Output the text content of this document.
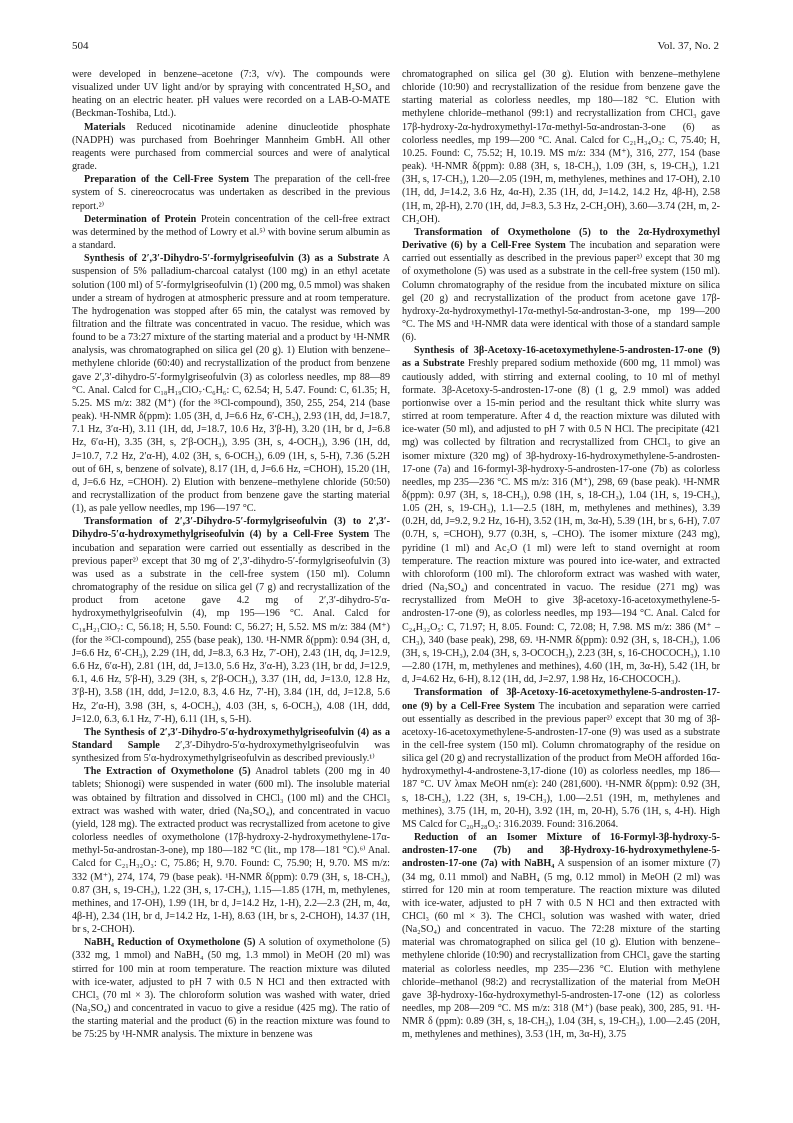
504	Vol. 37, No. 2

were developed in benzene–acetone (7:3, v/v). The compounds were visualized under UV light and/or by spraying with concentrated H₂SO₄ and heating on an electric heater. pH values were recorded on a LAB-O-MATE (Beckman-Toshiba, Ltd.).

Materials Reduced nicotinamide adenine dinucleotide phosphate (NADPH) was purchased from Boehringer Mannheim GmbH. All other reagents were purchased from commercial sources and were of analytical grade.

Preparation of the Cell-Free System The preparation of the cell-free system of S. cinereocrocatus was undertaken as described in the previous report.²⁾

Determination of Protein Protein concentration of the cell-free extract was determined by the method of Lowry et al.⁵⁾ with bovine serum albumin as a standard.

Synthesis of 2′,3′-Dihydro-5′-formylgriseofulvin (3) as a Substrate A suspension of 5% palladium-charcoal catalyst (100 mg) in an ethyl acetate solution (100 ml) of 5′-formylgriseofulvin (1) (200 mg, 0.5 mmol) was shaken under a stream of hydrogen at atmospheric pressure and at room temperature. The hydrogenation was stopped after 65 min, the catalyst was removed by filtration and the filtrate was concentrated in vacuo. The residue, which was found to be a 73:27 mixture of the starting material and a product by ¹H-NMR analysis, was chromatographed on silica gel (20 g). 1) Elution with benzene–methylene chloride (60:40) and recrystallization of the product from benzene gave 2′,3′-dihydro-5′-formylgriseofulvin (3) as colorless needles, mp 88—89 °C. Anal. Calcd for C₁₈H₁₉ClO₇·C₆H₆: C, 62.54; H, 5.47. Found: C, 61.35; H, 5.25. MS m/z: 382 (M⁺) (for the ³⁵Cl-compound), 350, 255, 254, 214 (base peak). ¹H-NMR δ(ppm): 1.05 (3H, d, J=6.6 Hz, 6′-CH₃), 2.93 (1H, dd, J=18.7, 7.1 Hz, 3′α-H), 3.11 (1H, dd, J=18.7, 10.6 Hz, 3′β-H), 3.20 (1H, br d, J=6.8 Hz, 6′α-H), 3.35 (3H, s, 2′β-OCH₃), 3.95 (3H, s, 4-OCH₃), 3.96 (1H, dd, J=10.7, 7.2 Hz, 2′α-H), 4.02 (3H, s, 6-OCH₃), 6.09 (1H, s, 5-H), 7.36 (5.2H out of 6H, s, benzene of solvate), 8.17 (1H, d, J=6.6 Hz, =CHOH), 15.20 (1H, d, J=6.6 Hz, =CHOH). 2) Elution with benzene–methylene chloride (50:50) and recrystallization of the product from benzene gave the starting material (1), as pale yellow needles, mp 196—197 °C.

Transformation of 2′,3′-Dihydro-5′-formylgriseofulvin (3) to 2′,3′-Dihydro-5′α-hydroxymethylgriseofulvin (4) by a Cell-Free System The incubation and separation were carried out essentially as described in the previous paper²⁾ except that 30 mg of 2′,3′-dihydro-5′-formylgriseofulvin (3) was used as a substrate in the cell-free system (150 ml). Column chromatography of the residue on silica gel (7 g) and recrystallization of the product from acetone gave 4.2 mg of 2′,3′-dihydro-5′α-hydroxymethylgriseofulvin (4), mp 195—196 °C. Anal. Calcd for C₁₈H₂₁ClO₇: C, 56.18; H, 5.50. Found: C, 56.27; H, 5.52. MS m/z: 384 (M⁺) (for the ³⁵Cl-compound), 255 (base peak), 130. ¹H-NMR δ(ppm): 0.94 (3H, d, J=6.6 Hz, 6′-CH₃), 2.29 (1H, dd, J=8.3, 6.3 Hz, 7′-OH), 2.43 (1H, dq, J=12.9, 6.6 Hz, 6′α-H), 2.81 (1H, dd, J=13.0, 5.6 Hz, 3′α-H), 3.23 (1H, br dd, J=12.9, 6.1, 4.6 Hz, 5′β-H), 3.29 (3H, s, 2′β-OCH₃), 3.37 (1H, dd, J=13.0, 12.8 Hz, 3′β-H), 3.58 (1H, ddd, J=12.0, 8.3, 4.6 Hz, 7′-H), 3.84 (1H, dd, J=12.8, 5.6 Hz, 2′α-H), 3.98 (3H, s, 4-OCH₃), 4.03 (3H, s, 6-OCH₃), 4.08 (1H, ddd, J=12.0, 6.3, 6.1 Hz, 7′-H), 6.11 (1H, s, 5-H).

The Synthesis of 2′,3′-Dihydro-5′α-hydroxymethylgriseofulvin (4) as a Standard Sample 2′,3′-Dihydro-5′α-hydroxymethylgriseofulvin was synthesized from 5′α-hydroxymethylgriseofulvin as described previously.¹⁾

The Extraction of Oxymetholone (5) Anadrol tablets (200 mg in 40 tablets; Shionogi) were suspended in water (600 ml). The insoluble material was obtained by filtration and dissolved in CHCl₃ (100 ml) and the CHCl₃ extract was washed with water, dried (Na₂SO₄), and concentrated in vacuo (yield, 128 mg). The extracted product was recrystallized from acetone to give colorless needles of oxymetholone (17β-hydroxy-2-hydroxymethylene-17α-methyl-5α-androstan-3-one), mp 180—182 °C (lit., mp 178—181 °C).⁶⁾ Anal. Calcd for C₂₁H₃₂O₃: C, 75.86; H, 9.70. Found: C, 75.90; H, 9.70. MS m/z: 332 (M⁺), 274, 174, 79 (base peak). ¹H-NMR δ(ppm): 0.79 (3H, s, 18-CH₃), 0.87 (3H, s, 19-CH₃), 1.22 (3H, s, 17-CH₃), 1.15—1.85 (17H, m, methylenes, methines, and 17-OH), 1.99 (1H, br d, J=14.2 Hz, 1-H), 2.2—2.3 (2H, m, 4α, 4β-H), 2.34 (1H, br d, J=14.2 Hz, 1-H), 8.63 (1H, br s, 2-CHOH), 14.37 (1H, br s, 2-CHOH).

NaBH₄ Reduction of Oxymetholone (5) A solution of oxymetholone (5) (332 mg, 1 mmol) and NaBH₄ (50 mg, 1.3 mmol) in MeOH (20 ml) was stirred for 100 min at room temperature. The reaction mixture was diluted with ice-water, adjusted to pH 7 with 0.5 N HCl and then extracted with CHCl₃ (70 ml × 3). The chloroform solution was washed with water, dried (Na₂SO₄) and concentrated in vacuo to give a residue (425 mg). The ratio of the starting material and the product (6) in the reaction mixture was found to be 75:25 by ¹H-NMR analysis. The mixture in benzene was

chromatographed on silica gel (30 g). Elution with benzene–methylene chloride (10:90) and recrystallization of the residue from benzene gave the starting material as colorless needles, mp 180—182 °C. Elution with methylene chloride–methanol (99:1) and recrystallization from CHCl₃ gave 17β-hydroxy-2α-hydroxymethyl-17α-methyl-5α-androstan-3-one (6) as colorless needles, mp 199—200 °C. Anal. Calcd for C₂₁H₃₄O₃: C, 75.40; H, 10.25. Found: C, 75.52; H, 10.19. MS m/z: 334 (M⁺), 316, 277, 154 (base peak). ¹H-NMR δ(ppm): 0.88 (3H, s, 18-CH₃), 1.09 (3H, s, 19-CH₃), 1.21 (3H, s, 17-CH₃), 1.20—2.05 (19H, m, methylenes, methines and 17-OH), 2.10 (1H, dd, J=14.2, 3.6 Hz, 4α-H), 2.35 (1H, dd, J=14.2, 14.2 Hz, 4β-H), 2.58 (1H, m, 2β-H), 2.70 (1H, dd, J=8.3, 5.3 Hz, 2-CH₂OH), 3.60—3.74 (2H, m, 2-CH₂OH).

Transformation of Oxymetholone (5) to the 2α-Hydroxymethyl Derivative (6) by a Cell-Free System The incubation and separation were carried out essentially as described in the previous paper²⁾ except that 30 mg of oxymetholone (5) was used as a substrate in the cell-free system (150 ml). Column chromatography of the residue from the incubated mixture on silica gel (20 g) and recrystallization of the product from acetone gave 17β-hydroxy-2α-hydroxymethyl-17α-methyl-5α-androstan-3-one, mp 199—200 °C. The MS and ¹H-NMR data were identical with those of a standard sample (6).

Synthesis of 3β-Acetoxy-16-acetoxymethylene-5-androsten-17-one (9) as a Substrate Freshly prepared sodium methoxide (600 mg, 11 mmol) was cautiously added, with stirring and external cooling, to 10 ml of methyl formate. 3β-Acetoxy-5-androsten-17-one (8) (1 g, 2.9 mmol) was added portionwise over a 15-min period and the resultant thick white slurry was stirred at room temperature. After 4 d, the reaction mixture was diluted with ice-water (50 ml), and adjusted to pH 7 with 0.5 N HCl. The precipitate (421 mg) was collected by filtration and recrystallized from CHCl₃ to give an isomer mixture (320 mg) of 3β-hydroxy-16-hydroxymethylene-5-androsten-17-one (7a) and 16-formyl-3β-hydroxy-5-androsten-17-one (7b) as colorless needles, mp 235—236 °C. MS m/z: 316 (M⁺), 298, 69 (base peak). ¹H-NMR δ(ppm): 0.97 (3H, s, 18-CH₃), 0.98 (1H, s, 18-CH₃), 1.04 (1H, s, 19-CH₃), 1.05 (2H, s, 19-CH₃), 1.1—2.5 (18H, m, methylenes and methines), 3.39 (0.2H, dd, J=9.2, 9.2 Hz, 16-H), 3.52 (1H, m, 3α-H), 5.39 (1H, br s, 6-H), 7.07 (0.7H, s, =CHOH), 9.77 (0.3H, s, –CHO). The isomer mixture (243 mg), pyridine (1 ml) and Ac₂O (1 ml) were left to stand overnight at room temperature. The reaction mixture was poured into ice-water, and extracted with chloroform (100 ml). The chloroform extract was washed with water, dried (Na₂SO₄) and concentrated in vacuo. The residue (271 mg) was recrystallized from MeOH to give 3β-acetoxy-16-acetoxymethylene-5-androsten-17-one (9), as colorless needles, mp 193—194 °C. Anal. Calcd for C₂₄H₃₂O₅: C, 71.97; H, 8.05. Found: C, 72.08; H, 7.98. MS m/z: 386 (M⁺ –CH₃), 340 (base peak), 298, 69. ¹H-NMR δ(ppm): 0.92 (3H, s, 18-CH₃), 1.06 (3H, s, 19-CH₃), 2.04 (3H, s, 3-OCOCH₃), 2.23 (3H, s, 16-CHOCOCH₃), 1.10—2.80 (17H, m, methylenes and methines), 4.60 (1H, m, 3α-H), 5.42 (1H, br d, J=4.62 Hz, 6-H), 8.12 (1H, dd, J=2.97, 1.98 Hz, 16-CHOCOCH₃).

Transformation of 3β-Acetoxy-16-acetoxymethylene-5-androsten-17-one (9) by a Cell-Free System The incubation and separation were carried out essentially as described in the previous paper²⁾ except that 30 mg of 3β-acetoxy-16-acetoxymethylene-5-androsten-17-one (9) was used as a substrate in the cell-free system (150 ml). Column chromatography of the residue on silica gel (20 g) and recrystallization of the product from MeOH afforded 16α-hydroxymethyl-4-androstene-3,17-dione (10) as colorless needles, mp 186—187 °C. UV λmax MeOH nm(ε): 240 (281,600). ¹H-NMR δ(ppm): 0.92 (3H, s, 18-CH₃), 1.22 (3H, s, 19-CH₃), 1.00—2.51 (19H, m, methylenes and methines), 3.75 (1H, m, 20-H), 3.92 (1H, m, 20-H), 5.76 (1H, s, 4-H). High MS Calcd for C₂₀H₂₈O₃: 316.2039. Found: 316.2064.

Reduction of an Isomer Mixture of 16-Formyl-3β-hydroxy-5-androsten-17-one (7b) and 3β-Hydroxy-16-hydroxymethylene-5-androsten-17-one (7a) with NaBH₄ A suspension of an isomer mixture (7) (34 mg, 0.11 mmol) and NaBH₄ (5 mg, 0.12 mmol) in MeOH (2 ml) was stirred for 120 min at room temperature. The reaction mixture was diluted with ice-water, adjusted to pH 7 with 0.5 N HCl and then extracted with CHCl₃ (60 ml × 3). The CHCl₃ solution was washed with water, dried (Na₂SO₄) and concentrated in vacuo. The 72:28 mixture of the starting material was chromatographed on silica gel (10 g). Elution with benzene–methylene chloride (10:90) and recrystallization from CHCl₃ gave the starting material as colorless needles, mp 235—236 °C. Elution with methylene chloride–methanol (98:2) and recrystallization of the material from MeOH gave 3β-hydroxy-16α-hydroxymethyl-5-androsten-17-one (12) as colorless needles, mp 208—209 °C. MS m/z: 318 (M⁺) (base peak), 300, 285, 91. ¹H-NMR δ (ppm): 0.89 (3H, s, 18-CH₃), 1.04 (3H, s, 19-CH₃), 1.00—2.45 (20H, m, methylenes and methines), 3.53 (1H, m, 3α-H), 3.75
